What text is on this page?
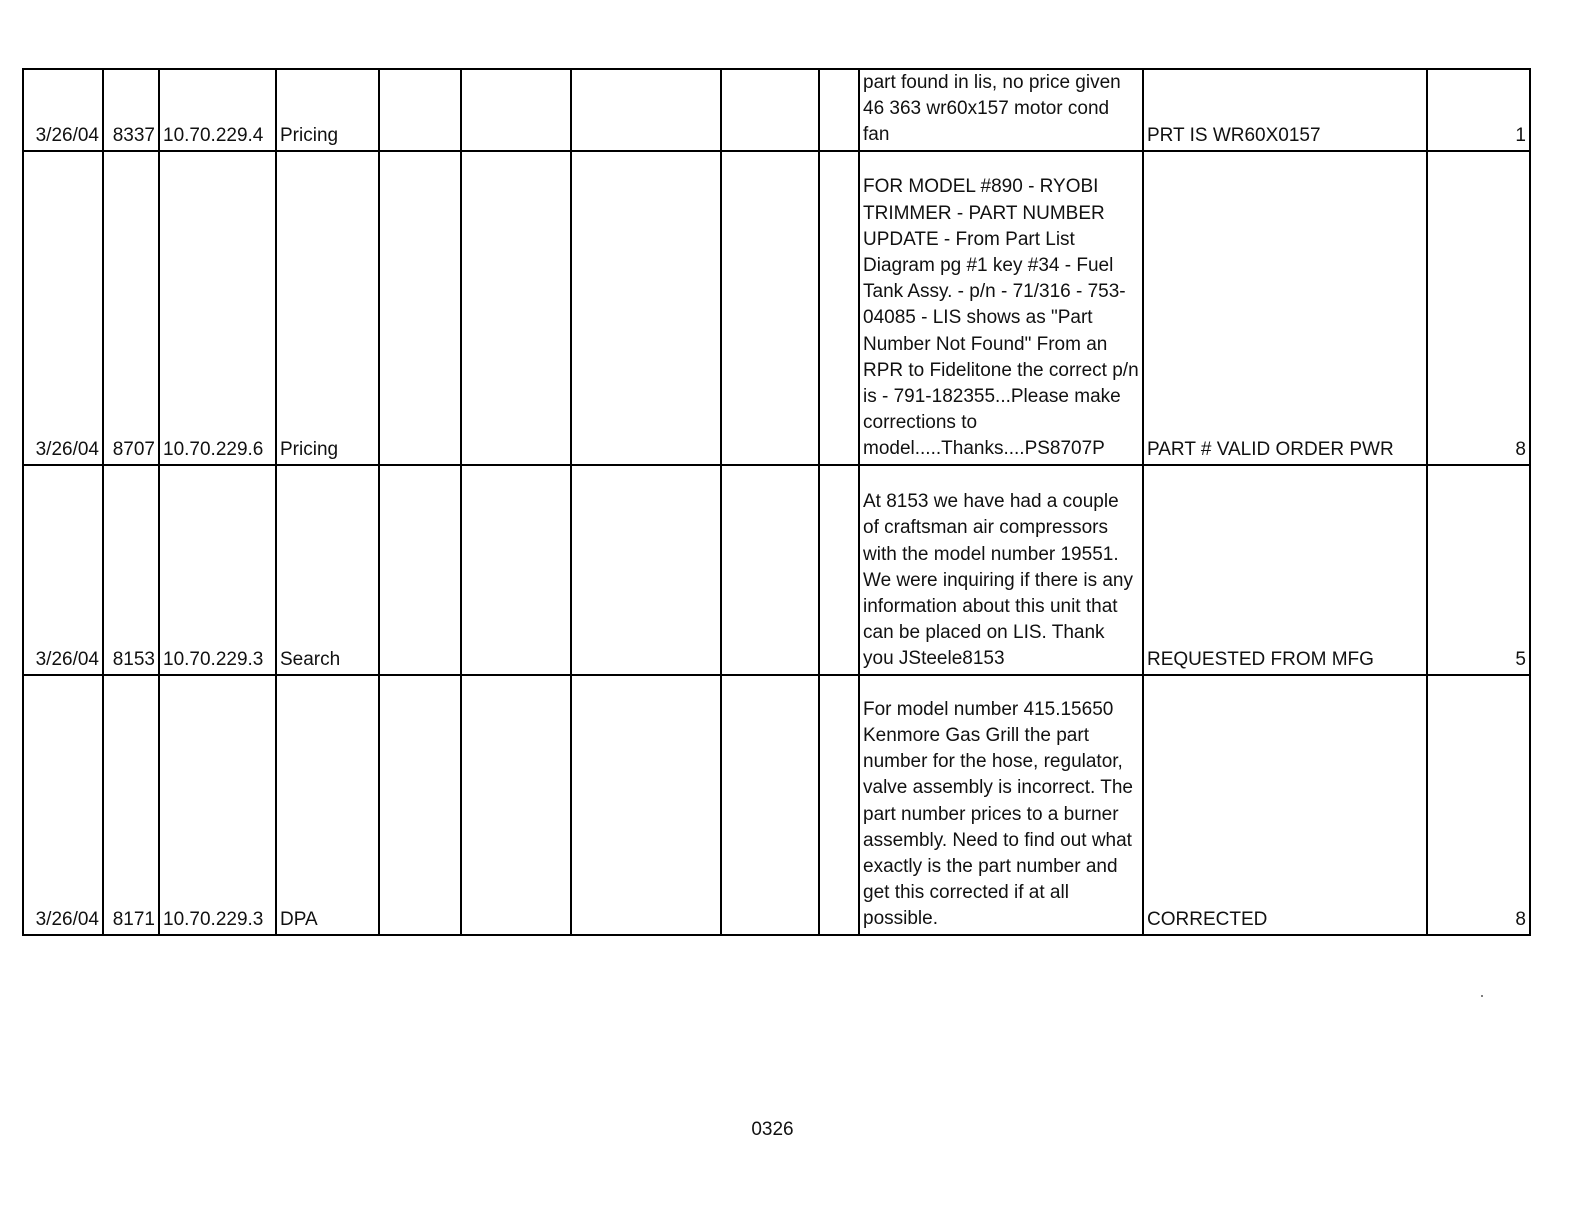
3/26/04	8337	10.70.229.4	Pricing						part found in lis, no price given 46 363 wr60x157 motor cond fan	PRT IS WR60X0157	1
3/26/04	8707	10.70.229.6	Pricing						FOR MODEL #890 - RYOBI TRIMMER - PART NUMBER UPDATE - From Part List Diagram pg #1 key #34 - Fuel Tank Assy. - p/n - 71/316 - 753-04085 - LIS shows as "Part Number Not Found" From an RPR to Fidelitone the correct p/n is - 791-182355...Please make corrections to model.....Thanks....PS8707P	PART # VALID ORDER PWR	8
3/26/04	8153	10.70.229.3	Search						At 8153 we have had a couple of craftsman air compressors with the model number 19551. We were inquiring if there is any information about this unit that can be placed on LIS. Thank you JSteele8153	REQUESTED FROM MFG	5
3/26/04	8171	10.70.229.3	DPA						For model number 415.15650 Kenmore Gas Grill the part number for the hose, regulator, valve assembly is incorrect. The part number prices to a burner assembly. Need to find out what exactly is the part number and get this corrected if at all possible.	CORRECTED	8
0326
